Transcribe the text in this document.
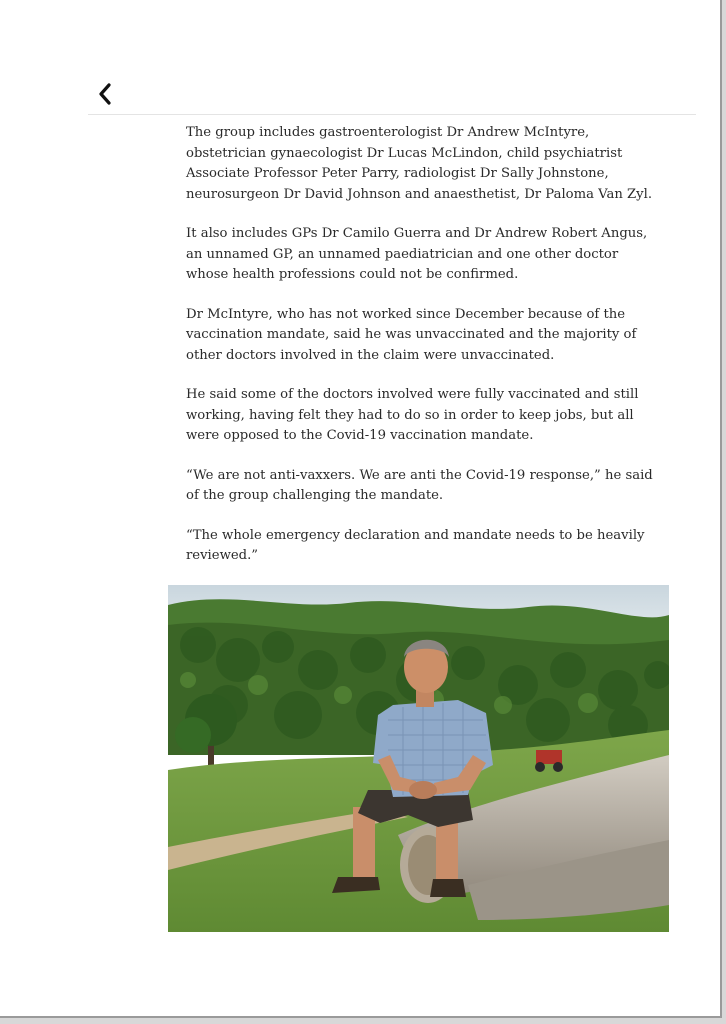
The group includes gastroenterologist Dr Andrew McIntyre, obstetrician gynaecologist Dr Lucas McLindon, child psychiatrist Associate Professor Peter Parry, radiologist Dr Sally Johnstone, neurosurgeon Dr David Johnson and anaesthetist, Dr Paloma Van Zyl.

It also includes GPs Dr Camilo Guerra and Dr Andrew Robert Angus, an unnamed GP, an unnamed paediatrician and one other doctor whose health professions could not be confirmed.

Dr McIntyre, who has not worked since December because of the vaccination mandate, said he was unvaccinated and the majority of other doctors involved in the claim were unvaccinated.

He said some of the doctors involved were fully vaccinated and still working, having felt they had to do so in order to keep jobs, but all were opposed to the Covid-19 vaccination mandate.

“We are not anti-vaxxers. We are anti the Covid-19 response,” he said of the group challenging the mandate.

“The whole emergency declaration and mandate needs to be heavily reviewed.”
